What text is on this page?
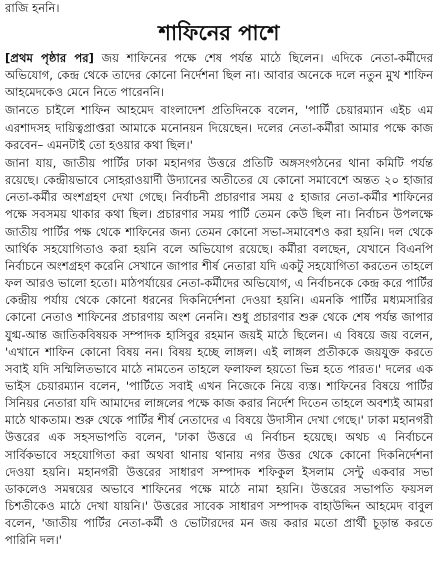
রাজি হননি।
শাফিনের পাশে

[প্রথম পৃষ্ঠার পর] জয় শাফিনের পক্ষে শেষ পর্যন্ত মাঠে ছিলেন। এদিকে নেতা-কর্মীদের অভিযোগ, কেন্দ্র থেকে তাদের কোনো নির্দেশনা ছিল না। আবার অনেকে দলে নতুন মুখ শাফিন আহমেদকেও মেনে নিতে পারেননি।

জানতে চাইলে শাফিন আহমেদ বাংলাদেশ প্রতিদিনকে বলেন, 'পার্টি চেয়ারম্যান এইচ এম এরশাদসহ দায়িত্বপ্রাপ্তরা আমাকে মনোনয়ন দিয়েছেন। দলের নেতা-কর্মীরা আমার পক্ষে কাজ করবেন– এমনটাই তো হওয়ার কথা ছিল।'

জানা যায়, জাতীয় পার্টির ঢাকা মহানগর উত্তরে প্রতিটি অঙ্গসংগঠনের থানা কমিটি পর্যন্ত রয়েছে। কেন্দ্রীয়ভাবে সোহরাওয়ার্দী উদ্যানের অতীতের যে কোনো সমাবেশে অন্তত ২০ হাজার নেতা-কর্মীর অংশগ্রহণ দেখা গেছে। নির্বাচনী প্রচারণার সময় ৫ হাজার নেতা-কর্মীর শাফিনের পক্ষে সবসময় থাকার কথা ছিল। প্রচারণার সময় পার্টি তেমন কেউ ছিল না। নির্বাচন উপলক্ষে জাতীয় পার্টির পক্ষ থেকে শাফিনের জন্য তেমন কোনো সভা-সমাবেশও করা হয়নি। দল থেকে আর্থিক সহযোগিতাও করা হয়নি বলে অভিযোগ রয়েছে। কর্মীরা বলছেন, যেখানে বিএনপি নির্বাচনে অংশগ্রহণ করেনি সেখানে জাপার শীর্ষ নেতারা যদি একটু সহযোগিতা করতেন তাহলে ফল আরও ভালো হতো। মাঠপর্যায়ের নেতা-কর্মীদের অভিযোগ, এ নির্বাচনকে কেন্দ্র করে পার্টির কেন্দ্রীয় পর্যায় থেকে কোনো ধরনের দিকনির্দেশনা দেওয়া হয়নি। এমনকি পার্টির মধ্যমসারির কোনো নেতাও শাফিনের প্রচারণায় অংশ নেননি। শুধু প্রচারণার শুরু থেকে শেষ পর্যন্ত জাপার যুগ্ম-আন্ত জাতিকবিষয়ক সম্পাদক হাসিবুর রহমান জয়ই মাঠে ছিলেন। এ বিষয়ে জয় বলেন, 'এখানে শাফিন কোনো বিষয় নন। বিষয় হচ্ছে লাঙ্গল। এই লাঙ্গল প্রতীককে জয়যুক্ত করতে সবাই যদি সম্মিলিতভাবে মাঠে নামতেন তাহলে ফলাফল হয়তো ভিন্ন হতে পারত।' দলের এক ভাইস চেয়ারম্যান বলেন, 'পার্টিতে সবাই এখন নিজেকে নিয়ে ব্যস্ত। শাফিনের বিষয়ে পার্টির সিনিয়র নেতারা যদি আমাদের লাঙ্গলের পক্ষে কাজ করার নির্দেশ দিতেন তাহলে অবশ্যই আমরা মাঠে থাকতাম। শুরু থেকে পার্টির শীর্ষ নেতাদের এ বিষয়ে উদাসীন দেখা গেছে।' ঢাকা মহানগরী উত্তরের এক সহসভাপতি বলেন, 'ঢাকা উত্তরে এ নির্বাচন হয়েছে। অথচ এ নির্বাচনে সার্বিকভাবে সহযোগিতা করা অথবা থানায় থানায় নগর উত্তর থেকে কোনো দিকনির্দেশনা দেওয়া হয়নি। মহানগরী উত্তরের সাধারণ সম্পাদক শফিকুল ইসলাম সেন্টু একবার সভা ডাকলেও সমন্বয়ের অভাবে শাফিনের পক্ষে মাঠে নামা হয়নি। উত্তরের সভাপতি ফয়সল চিশতীকেও মাঠে দেখা যায়নি।' উত্তরের সাবেক সাধারণ সম্পাদক বাহাউদ্দিন আহমেদ বাবুল বলেন, 'জাতীয় পার্টির নেতা-কর্মী ও ভোটারদের মন জয় করার মতো প্রার্থী চূড়ান্ত করতে পারিনি দল।'
